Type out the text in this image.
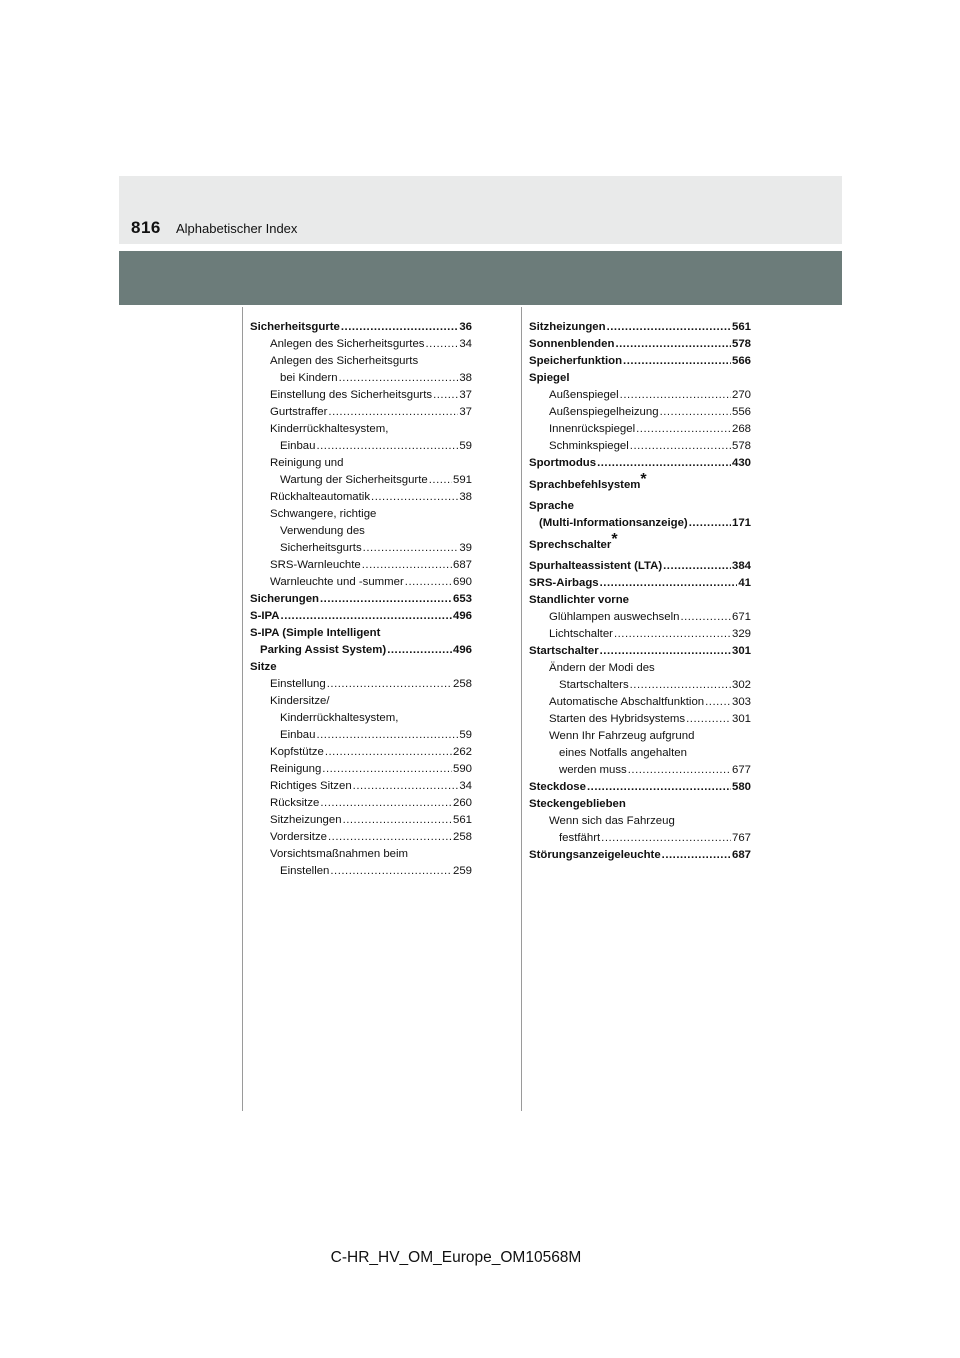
816 Alphabetischer Index
Sicherheitsgurte .....	36
Anlegen des Sicherheitsgurtes .....	34
Anlegen des Sicherheitsgurts
bei Kindern .....	38
Einstellung des Sicherheitsgurts ..... 37
Gurtstraffer .....	37
Kinderrückhaltesystem,
Einbau .....	59
Reinigung und
Wartung der Sicherheitsgurte ..... 591
Rückhalteautomatik .....	38
Schwangere, richtige
Verwendung des
Sicherheitsgurts .....	39
SRS-Warnleuchte .....	687
Warnleuchte und -summer .....	690
Sicherungen .....	653
S-IPA .....	496
S-IPA (Simple Intelligent
Parking Assist System) .....	496
Sitze
Einstellung .....	258
Kindersitze/
Kinderrückhaltesystem,
Einbau .....	59
Kopfstütze .....	262
Reinigung .....	590
Richtiges Sitzen .....	34
Rücksitze .....	260
Sitzheizungen .....	561
Vordersitze .....	258
Vorsichtsmaßnahmen beim
Einstellen .....	259
Sitzheizungen .....	561
Sonnenblenden .....	578
Speicherfunktion .....	566
Spiegel
Außenspiegel .....	270
Außenspiegelheizung .....	556
Innenrückspiegel .....	268
Schminkspiegel .....	578
Sportmodus .....	430
Sprachbefehlsystem*
Sprache
(Multi-Informationsanzeige) .....	171
Sprechschalter*
Spurhalteassistent (LTA) .....	384
SRS-Airbags .....	41
Standlichter vorne
Glühlampen auswechseln .....	671
Lichtschalter .....	329
Startschalter .....	301
Ändern der Modi des
Startschalters .....	302
Automatische Abschaltfunktion ..... 303
Starten des Hybridsystems .....	301
Wenn Ihr Fahrzeug aufgrund
eines Notfalls angehalten
werden muss .....	677
Steckdose .....	580
Steckengeblieben
Wenn sich das Fahrzeug
festfährt .....	767
Störungsanzeigeleuchte .....	687
C-HR_HV_OM_Europe_OM10568M
